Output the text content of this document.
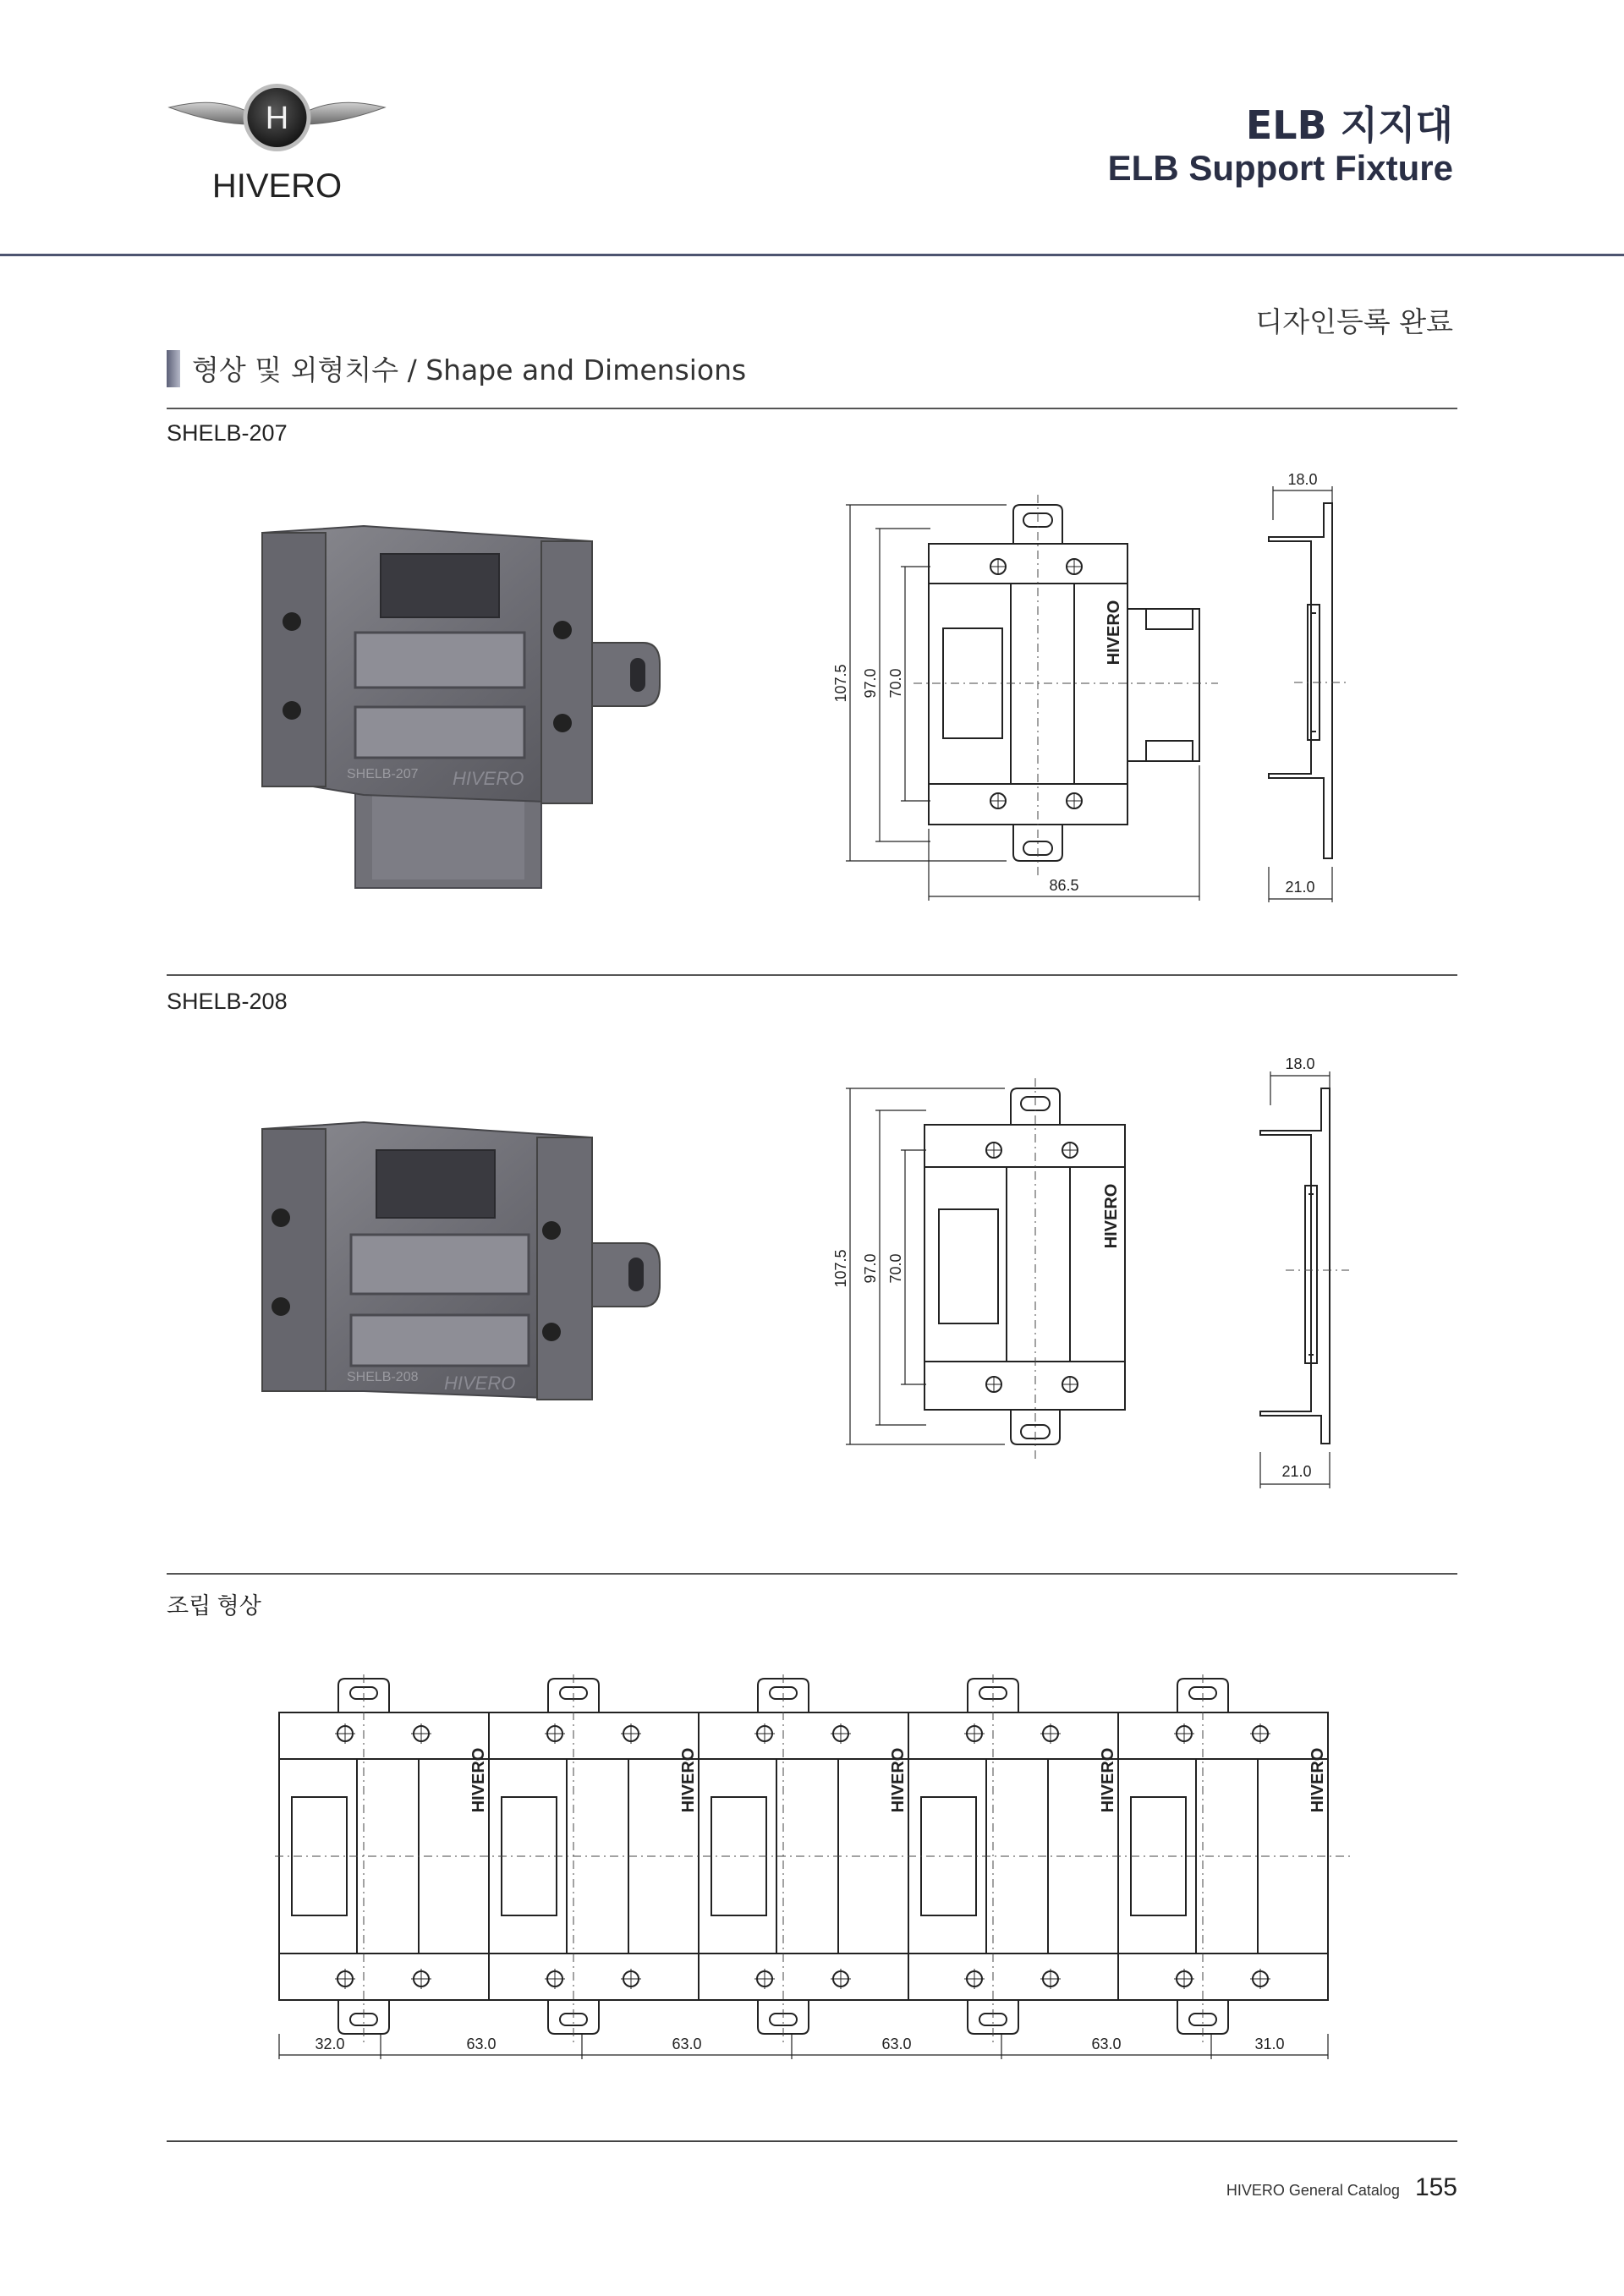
H
HIVERO
ELB 지지대
ELB Support Fixture
디자인등록 완료
형상 및 외형치수 / Shape and Dimensions
SHELB-207
SHELB-207 HIVERO
107.5 97.0 70.0
86.5
HIVERO
18.0
21.0
SHELB-208
SHELB-208 HIVERO
107.5 97.0 70.0
HIVERO
18.0
21.0
조립 형상
HIVERO	HIVERO	HIVERO	HIVERO	HIVERO
32.0	63.0	63.0	63.0	63.0	31.0
HIVERO General Catalog 155
